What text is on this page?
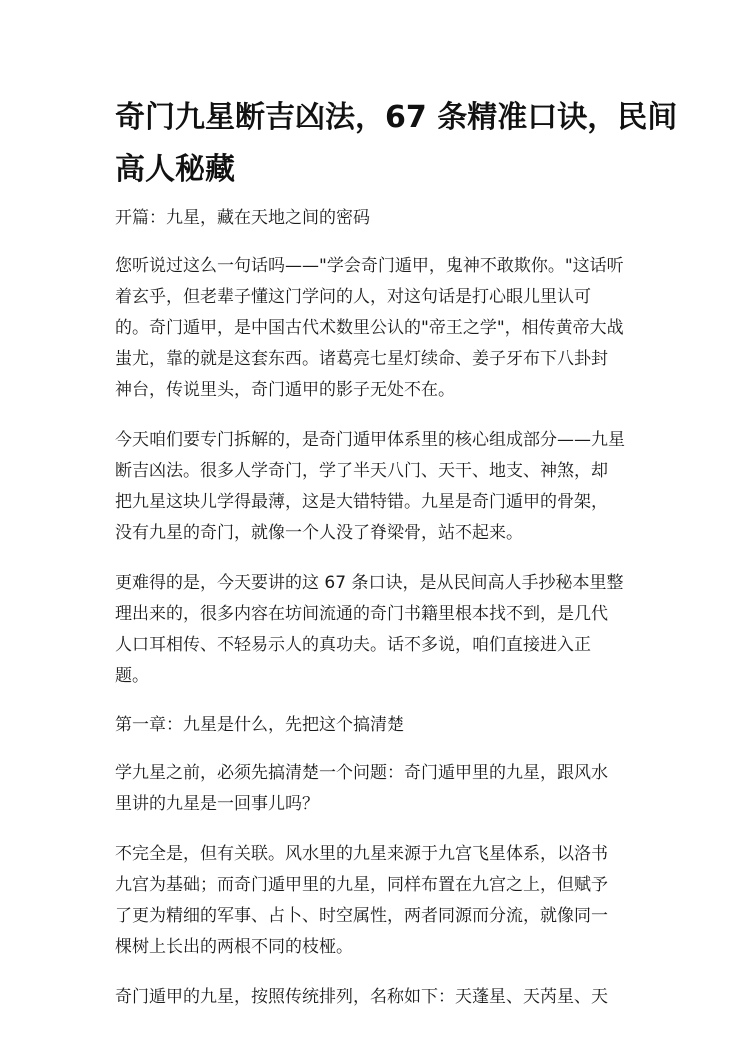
奇门九星断吉凶法，67 条精准口诀，民间
高人秘藏
开篇：九星，藏在天地之间的密码
您听说过这么一句话吗——"学会奇门遁甲，鬼神不敢欺你。"这话听
着玄乎，但老辈子懂这门学问的人，对这句话是打心眼儿里认可
的。奇门遁甲，是中国古代术数里公认的"帝王之学"，相传黄帝大战
蚩尤，靠的就是这套东西。诸葛亮七星灯续命、姜子牙布下八卦封
神台，传说里头，奇门遁甲的影子无处不在。
今天咱们要专门拆解的，是奇门遁甲体系里的核心组成部分——九星
断吉凶法。很多人学奇门，学了半天八门、天干、地支、神煞，却
把九星这块儿学得最薄，这是大错特错。九星是奇门遁甲的骨架，
没有九星的奇门，就像一个人没了脊梁骨，站不起来。
更难得的是，今天要讲的这 67 条口诀，是从民间高人手抄秘本里整
理出来的，很多内容在坊间流通的奇门书籍里根本找不到，是几代
人口耳相传、不轻易示人的真功夫。话不多说，咱们直接进入正
题。
第一章：九星是什么，先把这个搞清楚
学九星之前，必须先搞清楚一个问题：奇门遁甲里的九星，跟风水
里讲的九星是一回事儿吗？
不完全是，但有关联。风水里的九星来源于九宫飞星体系，以洛书
九宫为基础；而奇门遁甲里的九星，同样布置在九宫之上，但赋予
了更为精细的军事、占卜、时空属性，两者同源而分流，就像同一
棵树上长出的两根不同的枝桠。
奇门遁甲的九星，按照传统排列，名称如下：天蓬星、天芮星、天
